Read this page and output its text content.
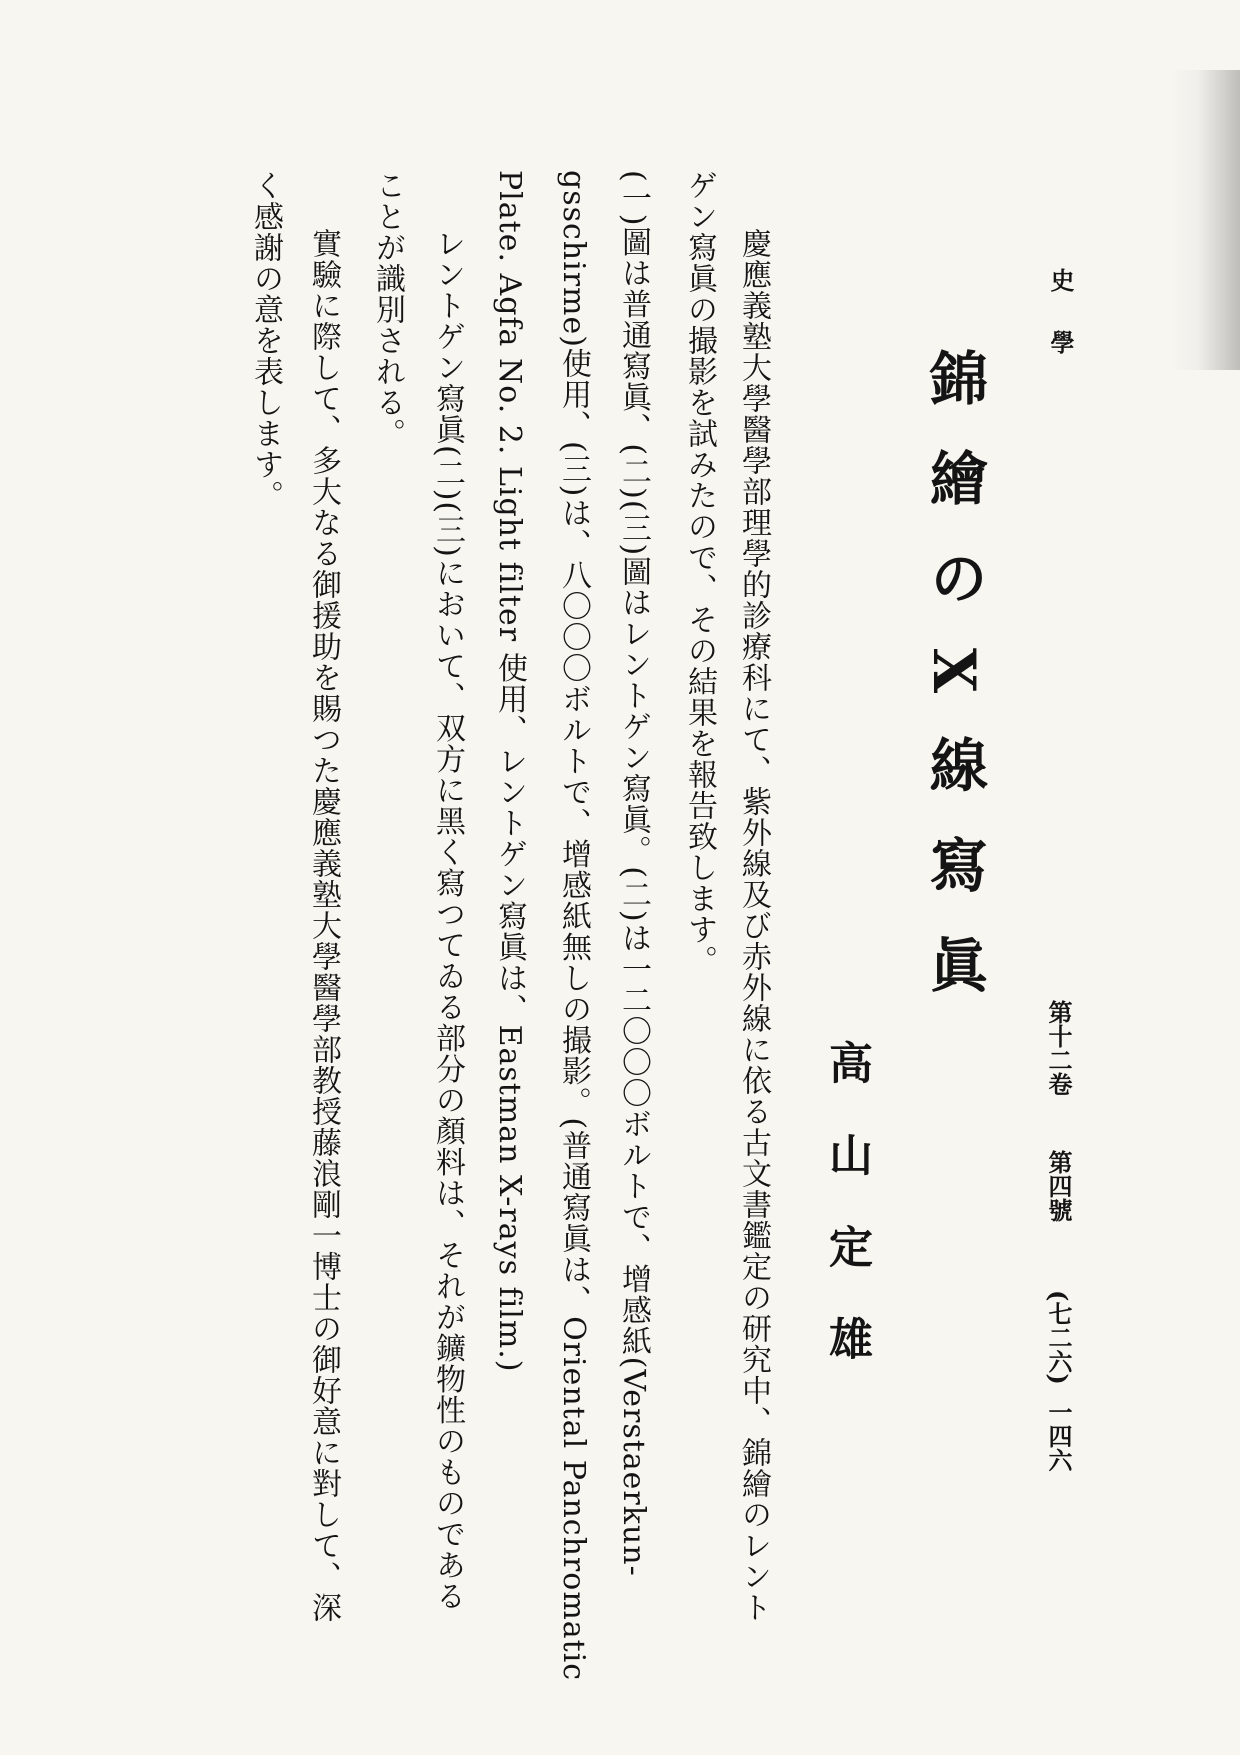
史學
第十二卷
第四號
(七二六)
一四六
錦繪のX線寫眞
高山定雄
慶應義塾大學醫學部理學的診療科にて、紫外線及び赤外線に依る古文書鑑定の研究中、錦繪のレント
ゲン寫眞の撮影を試みたので、その結果を報告致します。
(一)圖は普通寫眞、(二)(三)圖はレントゲン寫眞。(二)は一二〇〇〇ボルトで、增感紙(Verstaerkun-
gsschirme)使用、(三)は、八〇〇〇ボルトで、增感紙無しの撮影。(普通寫眞は、Oriental Panchromatic
Plate. Agfa No. 2. Light filter 使用、レントゲン寫眞は、Eastman X-rays film.)
レントゲン寫眞(二)(三)において、双方に黑く寫つてゐる部分の顏料は、それが鑛物性のものである
ことが識別される。
實驗に際して、多大なる御援助を賜つた慶應義塾大學醫學部教授藤浪剛一博士の御好意に對して、深
く感謝の意を表します。
